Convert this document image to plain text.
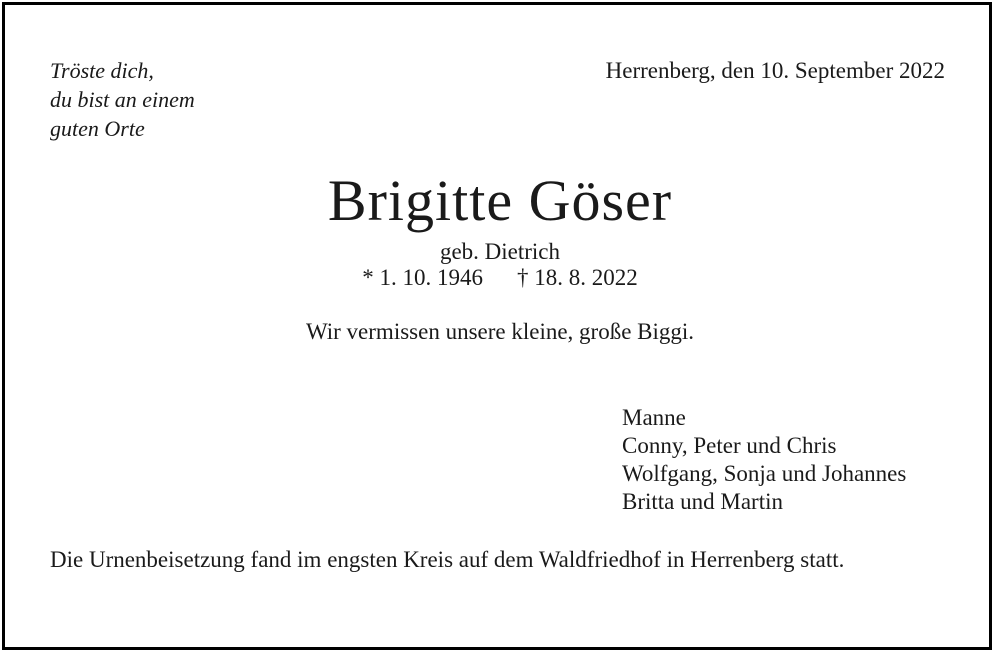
Tröste dich,
du bist an einem
guten Orte
Herrenberg, den 10. September 2022
Brigitte Göser
geb. Dietrich
* 1. 10. 1946 † 18. 8. 2022
Wir vermissen unsere kleine, große Biggi.
Manne
Conny, Peter und Chris
Wolfgang, Sonja und Johannes
Britta und Martin
Die Urnenbeisetzung fand im engsten Kreis auf dem Waldfriedhof in Herrenberg statt.
